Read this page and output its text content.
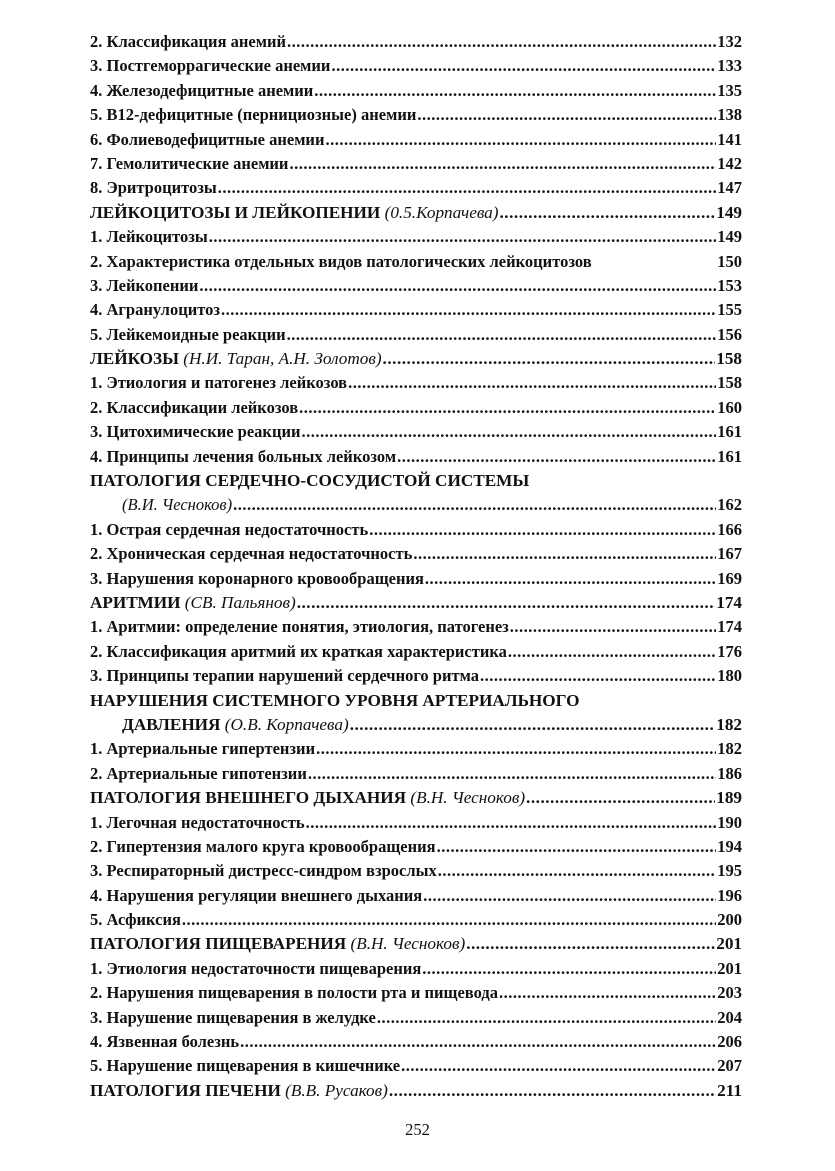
2. Классификация анемий .....	132
3. Постгеморрагические анемии .....	133
4. Железодефицитные анемии .....	135
5. В12-дефицитные (пернициозные) анемии .....	138
6. Фолиеводефицитные анемии .....	141
7. Гемолитические анемии .....	142
8. Эритроцитозы .....	147
ЛЕЙКОЦИТОЗЫ И ЛЕЙКОПЕНИИ (0.5.Корпачева) .....	149
1. Лейкоцитозы .....	149
2. Характеристика отдельных видов патологических лейкоцитозов	150
3. Лейкопении .....	153
4. Агранулоцитоз .....	155
5. Лейкемоидные реакции .....	156
ЛЕЙКОЗЫ (Н.И. Таран, А.Н. Золотов) .....	158
1. Этиология и патогенез лейкозов .....	158
2. Классификации лейкозов .....	160
3. Цитохимические реакции .....	161
4. Принципы лечения больных лейкозом .....	161
ПАТОЛОГИЯ СЕРДЕЧНО-СОСУДИСТОЙ СИСТЕМЫ
(В.И. Чесноков) .....	162
1. Острая сердечная недостаточность .....	166
2. Хроническая сердечная недостаточность .....	167
3. Нарушения коронарного кровообращения .....	169
АРИТМИИ (СВ. Пальянов) .....	174
1. Аритмии: определение понятия, этиология, патогенез .....	174
2. Классификация аритмий их краткая характеристика .....	176
3. Принципы терапии нарушений сердечного ритма .....	180
НАРУШЕНИЯ СИСТЕМНОГО УРОВНЯ АРТЕРИАЛЬНОГО
ДАВЛЕНИЯ (О.В. Корпачева) .....	182
1. Артериальные гипертензии .....	182
2. Артериальные гипотензии .....	186
ПАТОЛОГИЯ ВНЕШНЕГО ДЫХАНИЯ (В.Н. Чесноков) .....	189
1. Легочная недостаточность .....	190
2. Гипертензия малого круга кровообращения .....	194
3. Респираторный дистресс-синдром взрослых .....	195
4. Нарушения регуляции внешнего дыхания .....	196
5. Асфиксия .....	200
ПАТОЛОГИЯ ПИЩЕВАРЕНИЯ (В.Н. Чесноков) .....	201
1. Этиология недостаточности пищеварения .....	201
2. Нарушения пищеварения в полости рта и пищевода .....	203
3. Нарушение пищеварения в желудке .....	204
4. Язвенная болезнь .....	206
5. Нарушение пищеварения в кишечнике .....	207
ПАТОЛОГИЯ ПЕЧЕНИ (В.В. Русаков) .....	211
252
